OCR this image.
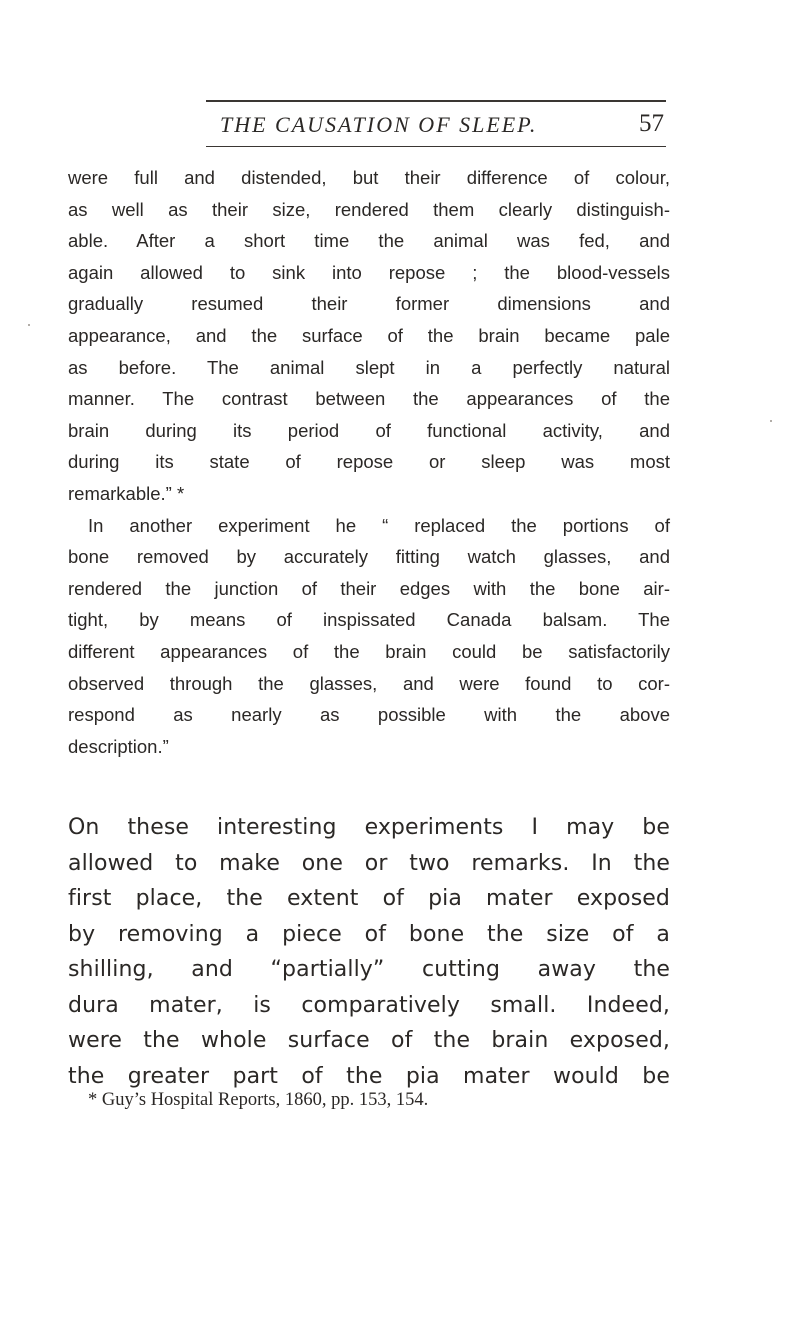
THE CAUSATION OF SLEEP.	57
were full and distended, but their difference of colour,
as well as their size, rendered them clearly distinguish-
able. After a short time the animal was fed, and
again allowed to sink into repose ; the blood-vessels
gradually resumed their former dimensions and
appearance, and the surface of the brain became pale
as before. The animal slept in a perfectly natural
manner. The contrast between the appearances of the
brain during its period of functional activity, and
during its state of repose or sleep was most
remarkable.” *
In another experiment he “ replaced the portions of
bone removed by accurately fitting watch glasses, and
rendered the junction of their edges with the bone air-
tight, by means of inspissated Canada balsam. The
different appearances of the brain could be satisfactorily
observed through the glasses, and were found to cor-
respond as nearly as possible with the above
description.”
On these interesting experiments I may be
allowed to make one or two remarks. In the
first place, the extent of pia mater exposed
by removing a piece of bone the size of a
shilling, and “partially” cutting away the
dura mater, is comparatively small. Indeed,
were the whole surface of the brain exposed,
the greater part of the pia mater would be
* Guy’s Hospital Reports, 1860, pp. 153, 154.
